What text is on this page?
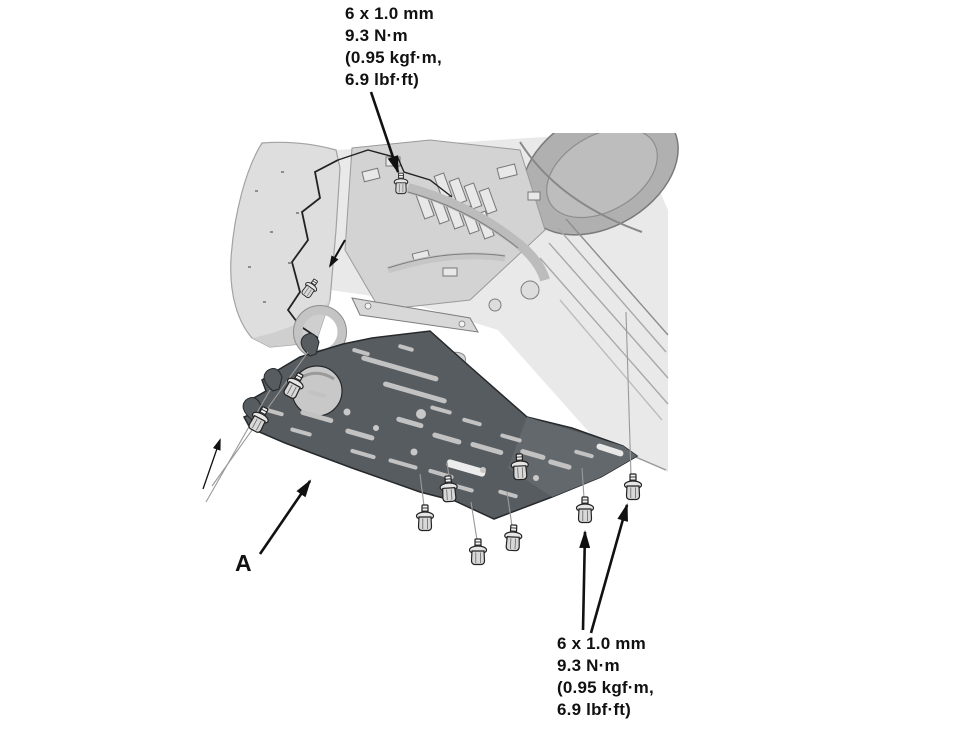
6 x 1.0 mm
9.3 N·m
(0.95 kgf·m,
6.9 lbf·ft)
6 x 1.0 mm
9.3 N·m
(0.95 kgf·m,
6.9 lbf·ft)
A
